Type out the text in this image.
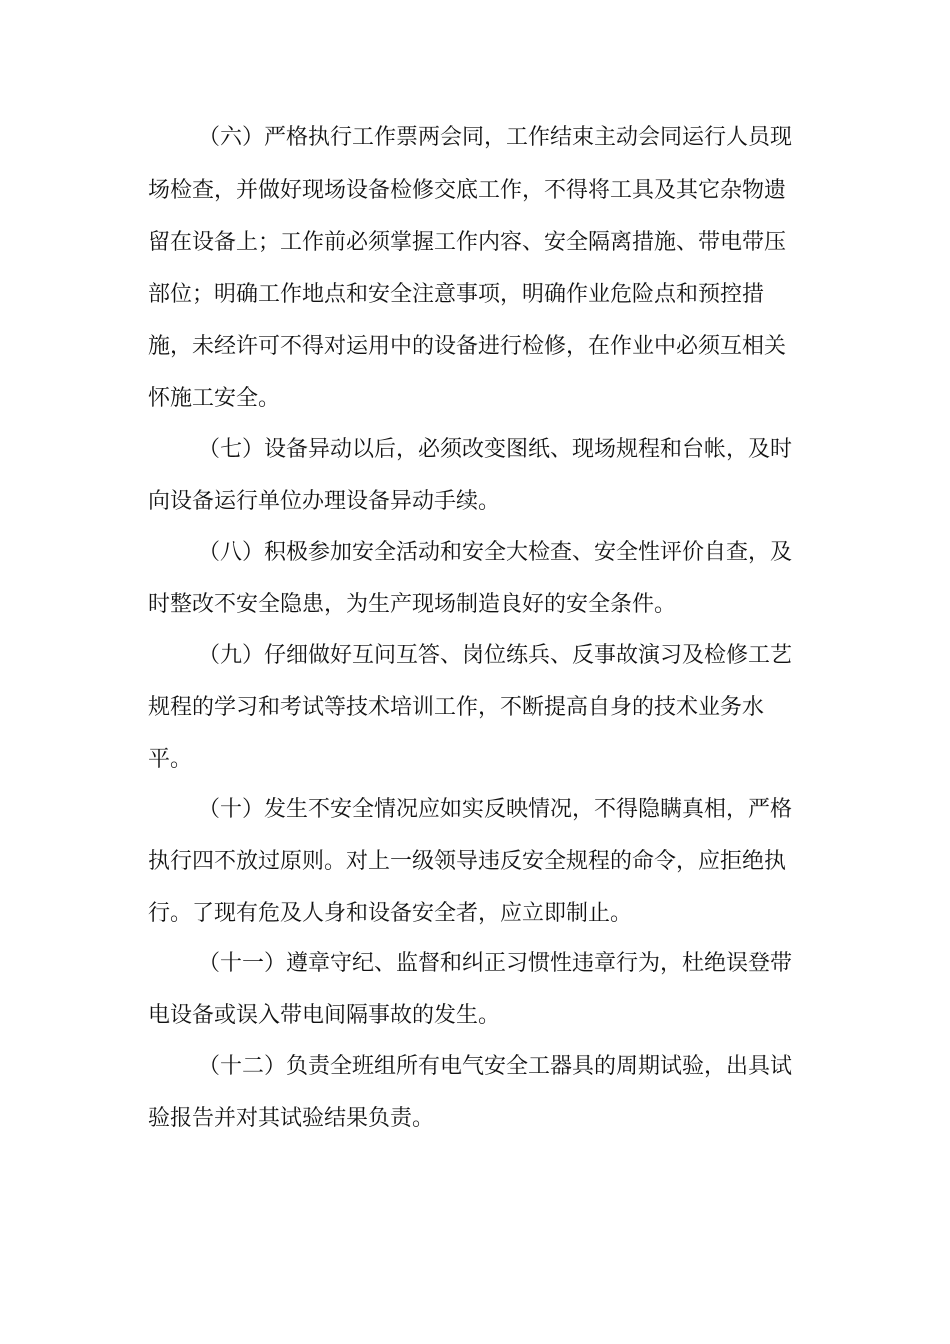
（六）严格执行工作票两会同，工作结束主动会同运行人员现

场检查，并做好现场设备检修交底工作，不得将工具及其它杂物遗

留在设备上；工作前必须掌握工作内容、安全隔离措施、带电带压

部位；明确工作地点和安全注意事项，明确作业危险点和预控措

施，未经许可不得对运用中的设备进行检修，在作业中必须互相关

怀施工安全。

（七）设备异动以后，必须改变图纸、现场规程和台帐，及时

向设备运行单位办理设备异动手续。

（八）积极参加安全活动和安全大检查、安全性评价自查，及

时整改不安全隐患，为生产现场制造良好的安全条件。

（九）仔细做好互问互答、岗位练兵、反事故演习及检修工艺

规程的学习和考试等技术培训工作，不断提高自身的技术业务水

平。

（十）发生不安全情况应如实反映情况，不得隐瞒真相，严格

执行四不放过原则。对上一级领导违反安全规程的命令，应拒绝执

行。了现有危及人身和设备安全者，应立即制止。

（十一）遵章守纪、监督和纠正习惯性违章行为，杜绝误登带

电设备或误入带电间隔事故的发生。

（十二）负责全班组所有电气安全工器具的周期试验，出具试

验报告并对其试验结果负责。
